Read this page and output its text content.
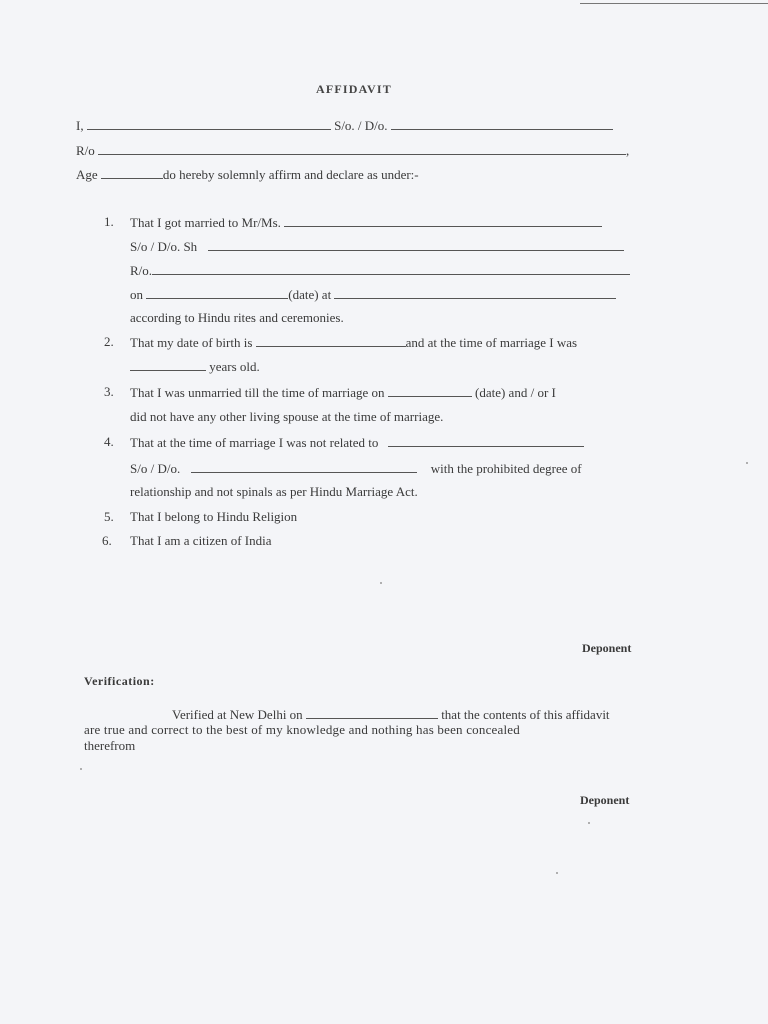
AFFIDAVIT
I,	S/o. / D/o.
R/o	,
Age	do hereby solemnly affirm and declare as under:-
1. That I got married to Mr/Ms.
S/o / D/o. Sh
R/o.
on	(date) at
according to Hindu rites and ceremonies.
2. That my date of birth is	and at the time of marriage I was
years old.
3. That I was unmarried till the time of marriage on	(date) and / or I
did not have any other living spouse at the time of marriage.
4. That at the time of marriage I was not related to
S/o / D/o.	with the prohibited degree of
relationship and not spinals as per Hindu Marriage Act.
5. That I belong to Hindu Religion
6. That I am a citizen of India
Deponent
Verification:
Verified at New Delhi on	that the contents of this affidavit
are true and correct to the best of my knowledge and nothing has been concealed
therefrom
Deponent
